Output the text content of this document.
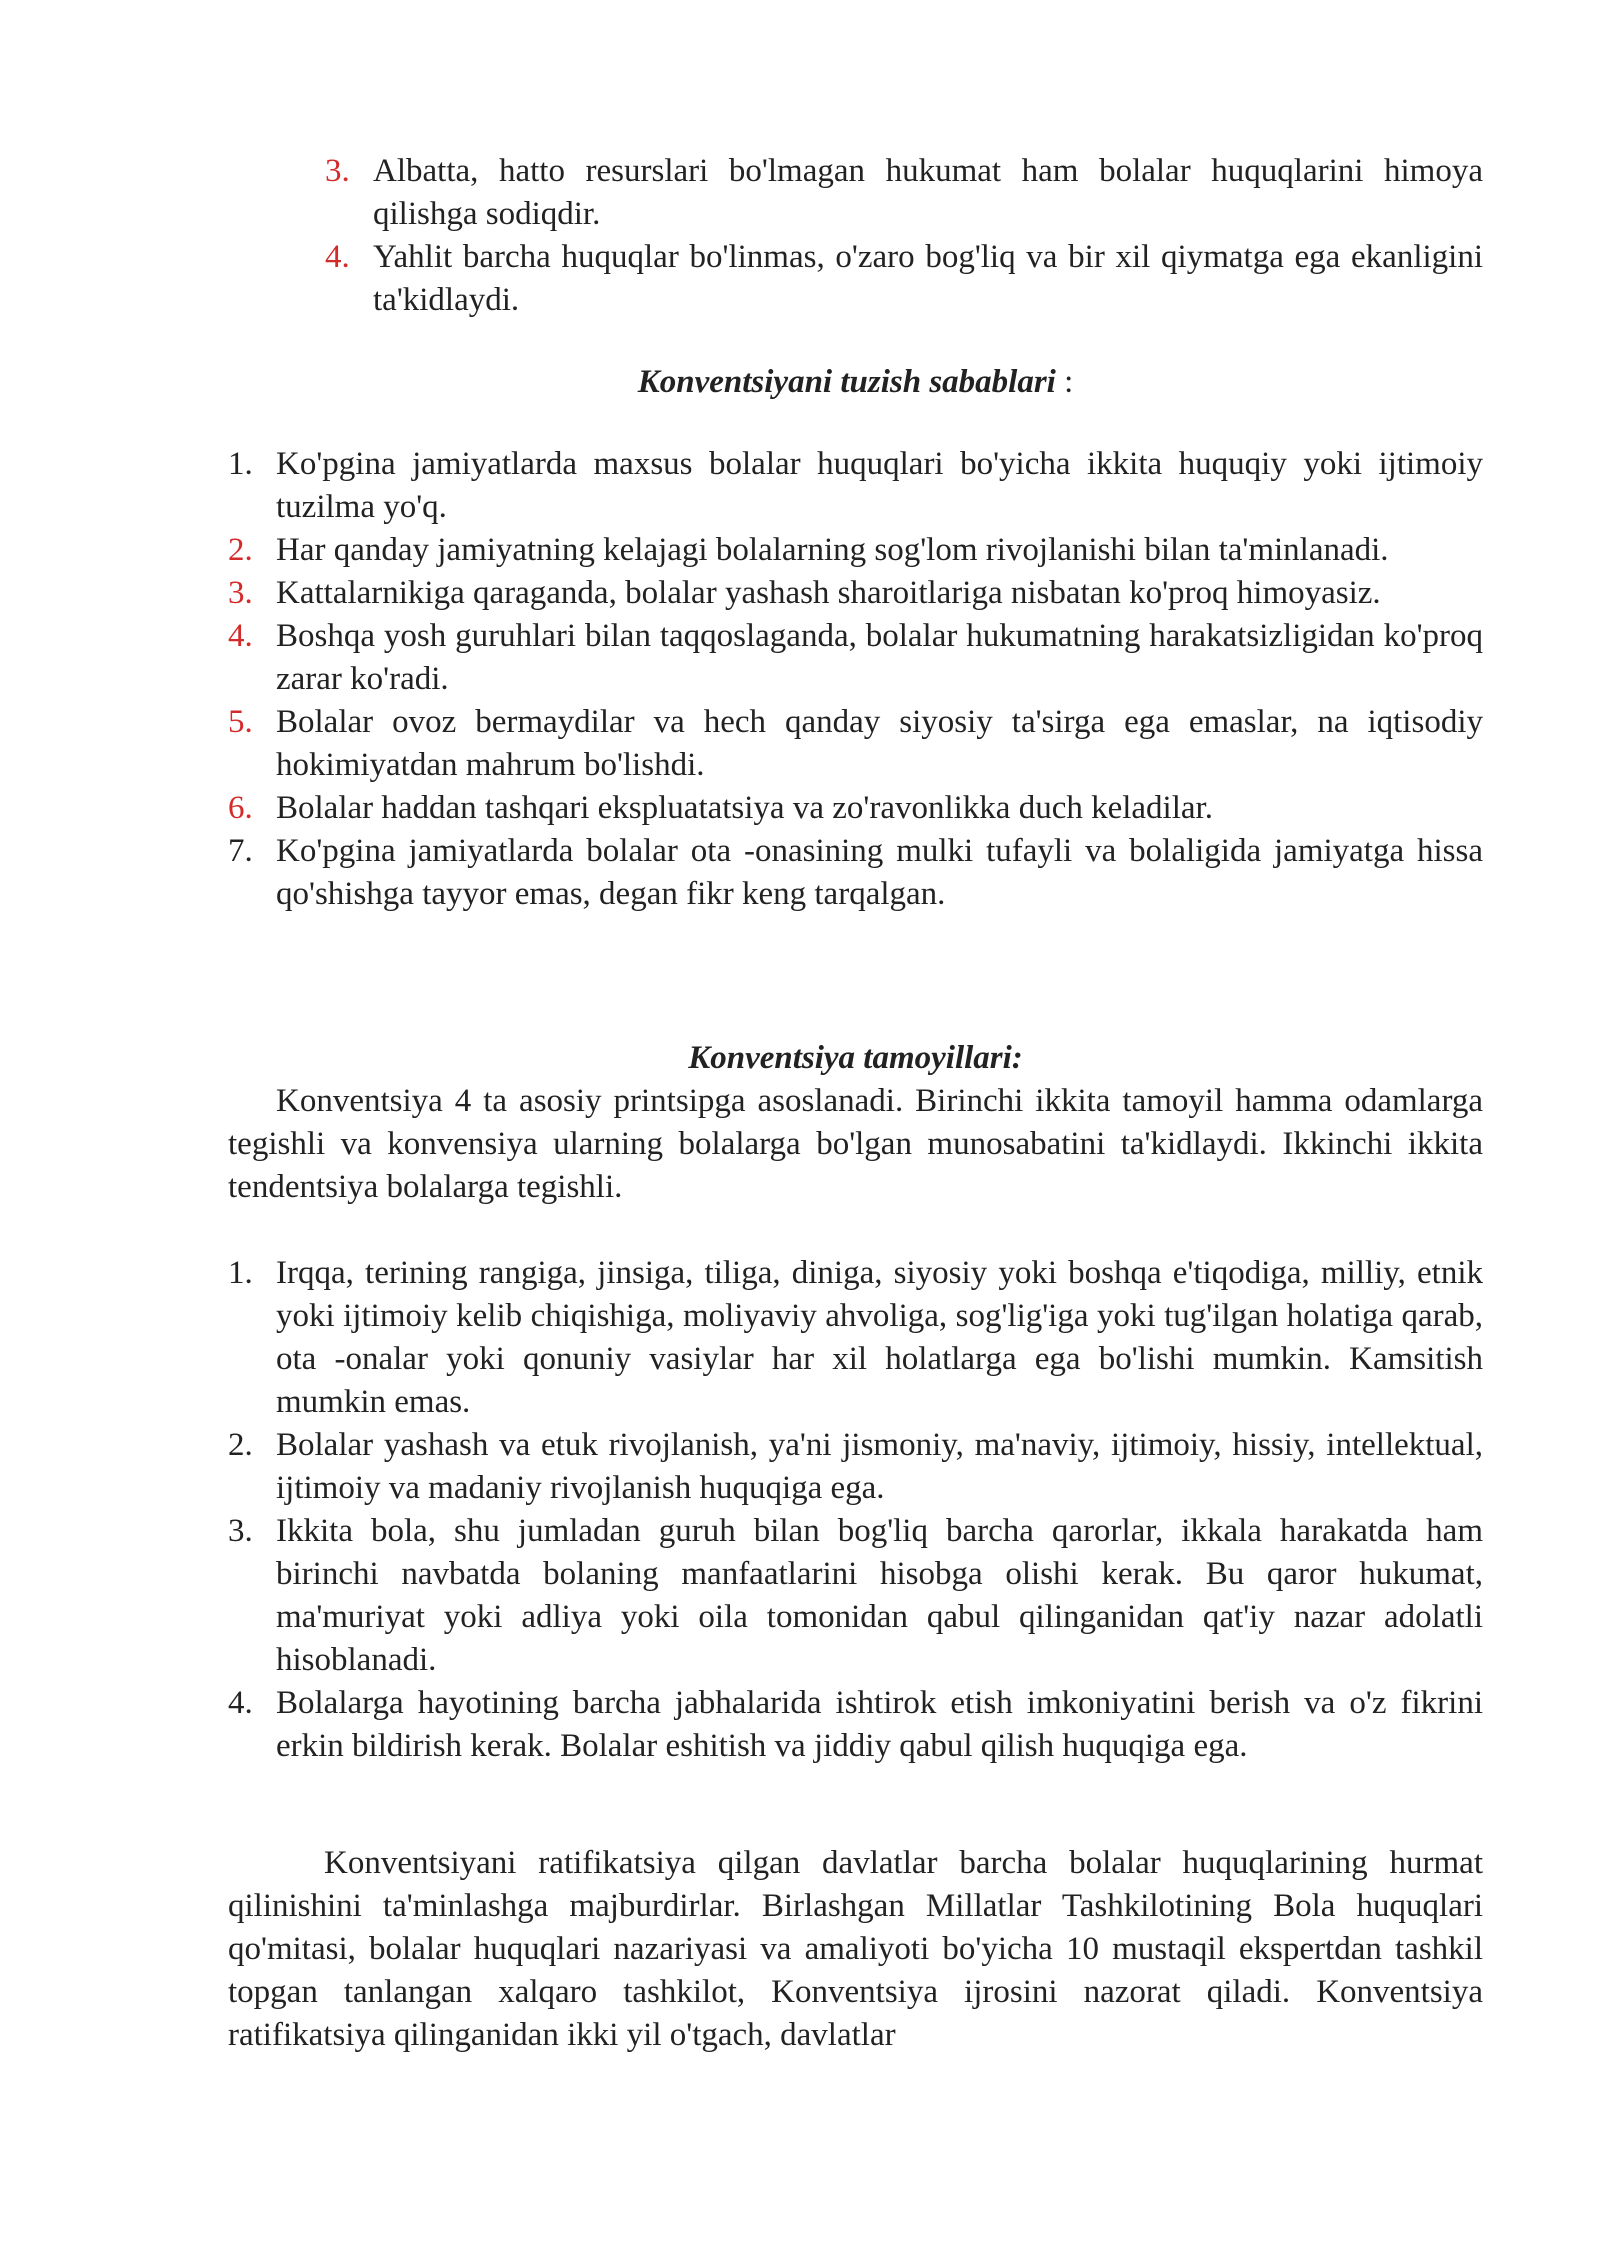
3. Albatta, hatto resurslari bo'lmagan hukumat ham bolalar huquqlarini himoya qilishga sodiqdir.
4. Yahlit barcha huquqlar bo'linmas, o'zaro bog'liq va bir xil qiymatga ega ekanligini ta'kidlaydi.
Konventsiyani tuzish sabablari :
1. Ko'pgina jamiyatlarda maxsus bolalar huquqlari bo'yicha ikkita huquqiy yoki ijtimoiy tuzilma yo'q.
2. Har qanday jamiyatning kelajagi bolalarning sog'lom rivojlanishi bilan ta'minlanadi.
3. Kattalarnikiga qaraganda, bolalar yashash sharoitlariga nisbatan ko'proq himoyasiz.
4. Boshqa yosh guruhlari bilan taqqoslaganda, bolalar hukumatning harakatsizligidan ko'proq zarar ko'radi.
5. Bolalar ovoz bermaydilar va hech qanday siyosiy ta'sirga ega emaslar, na iqtisodiy hokimiyatdan mahrum bo'lishdi.
6. Bolalar haddan tashqari ekspluatatsiya va zo'ravonlikka duch keladilar.
7. Ko'pgina jamiyatlarda bolalar ota -onasining mulki tufayli va bolaligida jamiyatga hissa qo'shishga tayyor emas, degan fikr keng tarqalgan.
Konventsiya tamoyillari:
Konventsiya 4 ta asosiy printsipga asoslanadi. Birinchi ikkita tamoyil hamma odamlarga tegishli va konvensiya ularning bolalarga bo'lgan munosabatini ta'kidlaydi. Ikkinchi ikkita tendentsiya bolalarga tegishli.
1. Irqqa, terining rangiga, jinsiga, tiliga, diniga, siyosiy yoki boshqa e'tiqodiga, milliy, etnik yoki ijtimoiy kelib chiqishiga, moliyaviy ahvoliga, sog'lig'iga yoki tug'ilgan holatiga qarab, ota -onalar yoki qonuniy vasiylar har xil holatlarga ega bo'lishi mumkin. Kamsitish mumkin emas.
2. Bolalar yashash va etuk rivojlanish, ya'ni jismoniy, ma'naviy, ijtimoiy, hissiy, intellektual, ijtimoiy va madaniy rivojlanish huquqiga ega.
3. Ikkita bola, shu jumladan guruh bilan bog'liq barcha qarorlar, ikkala harakatda ham birinchi navbatda bolaning manfaatlarini hisobga olishi kerak. Bu qaror hukumat, ma'muriyat yoki adliya yoki oila tomonidan qabul qilinganidan qat'iy nazar adolatli hisoblanadi.
4. Bolalarga hayotining barcha jabhalarida ishtirok etish imkoniyatini berish va o'z fikrini erkin bildirish kerak. Bolalar eshitish va jiddiy qabul qilish huquqiga ega.
Konventsiyani ratifikatsiya qilgan davlatlar barcha bolalar huquqlarining hurmat qilinishini ta'minlashga majburdirlar. Birlashgan Millatlar Tashkilotining Bola huquqlari qo'mitasi, bolalar huquqlari nazariyasi va amaliyoti bo'yicha 10 mustaqil ekspertdan tashkil topgan tanlangan xalqaro tashkilot, Konventsiya ijrosini nazorat qiladi. Konventsiya ratifikatsiya qilinganidan ikki yil o'tgach, davlatlar
